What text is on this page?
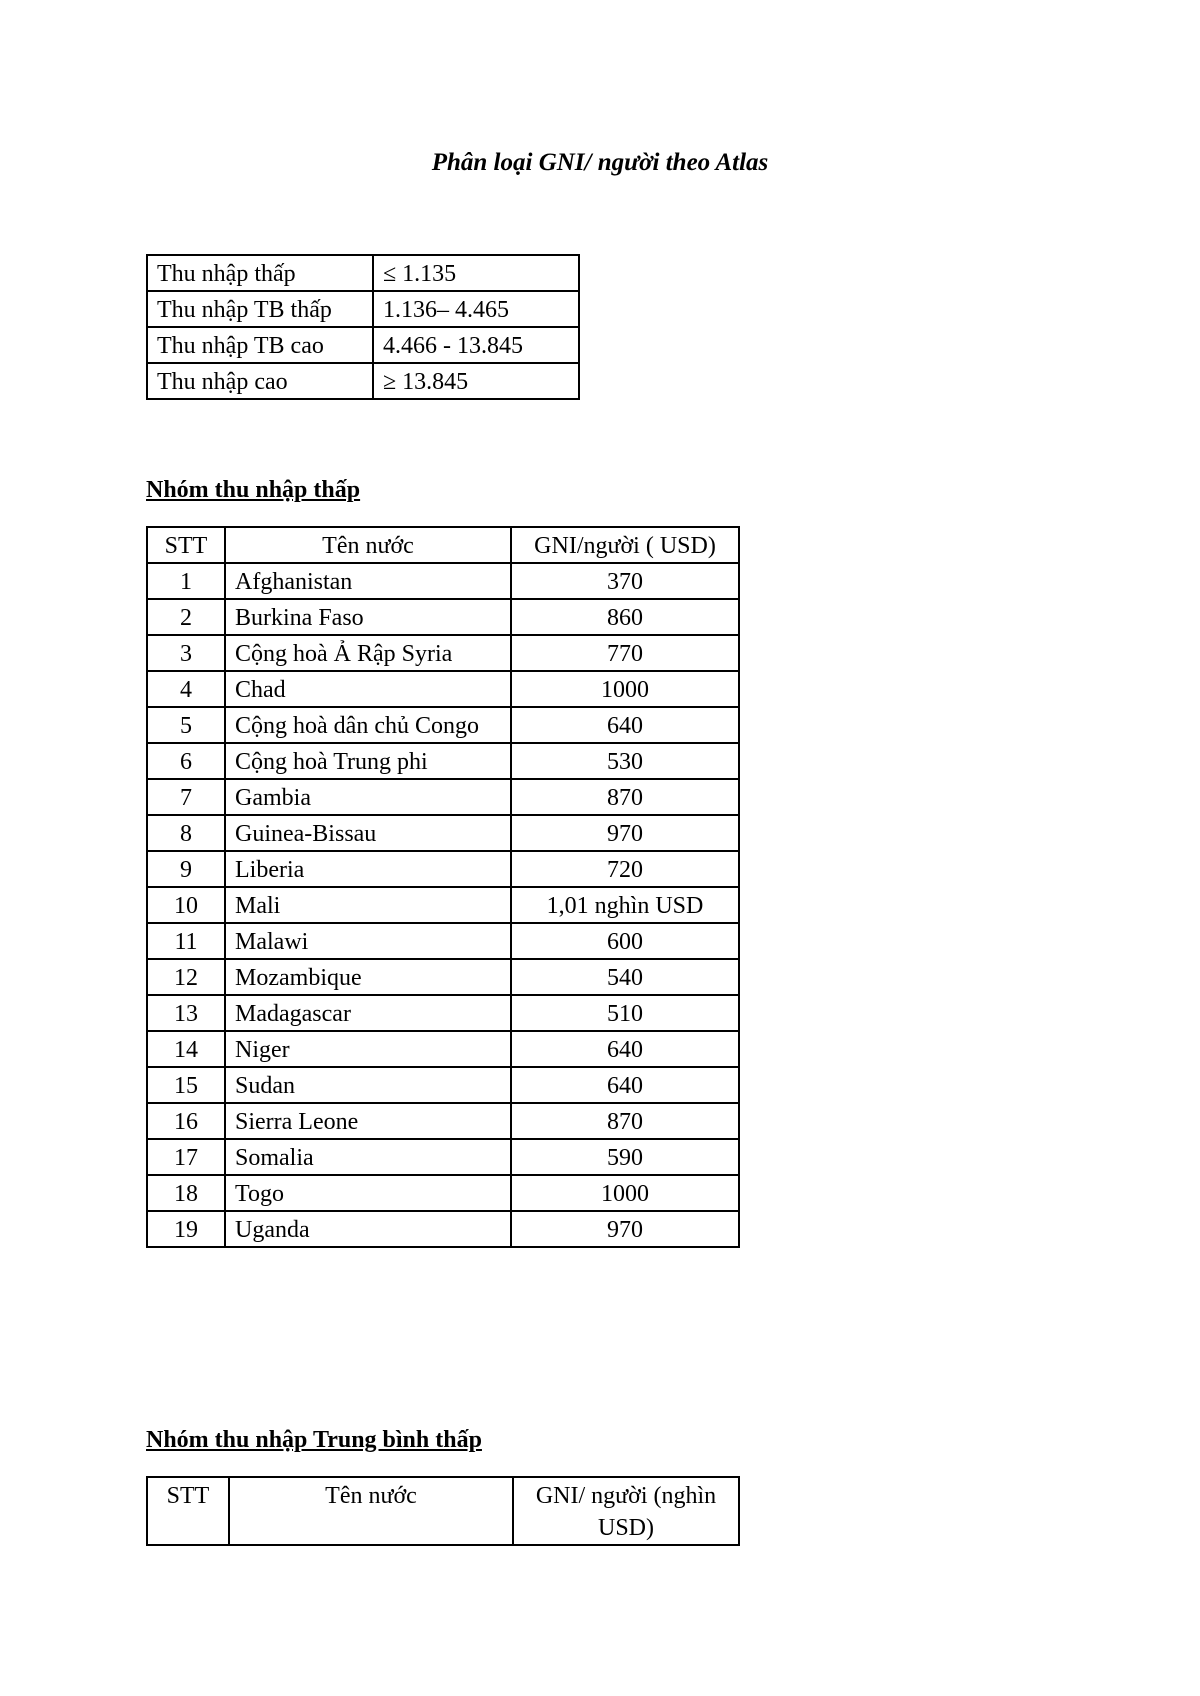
Phân loại GNI/ người theo Atlas
Thu nhập thấp	≤ 1.135
Thu nhập TB thấp	1.136– 4.465
Thu nhập TB cao	4.466 - 13.845
Thu nhập cao	≥ 13.845
Nhóm thu nhập thấp
STT	Tên nước	GNI/người ( USD)
1	Afghanistan	370
2	Burkina Faso	860
3	Cộng hoà Ả Rập Syria	770
4	Chad	1000
5	Cộng hoà dân chủ Congo	640
6	Cộng hoà Trung phi	530
7	Gambia	870
8	Guinea-Bissau	970
9	Liberia	720
10	Mali	1,01 nghìn USD
11	Malawi	600
12	Mozambique	540
13	Madagascar	510
14	Niger	640
15	Sudan	640
16	Sierra Leone	870
17	Somalia	590
18	Togo	1000
19	Uganda	970
Nhóm thu nhập Trung bình thấp
STT	Tên nước	GNI/ người (nghìn USD)
